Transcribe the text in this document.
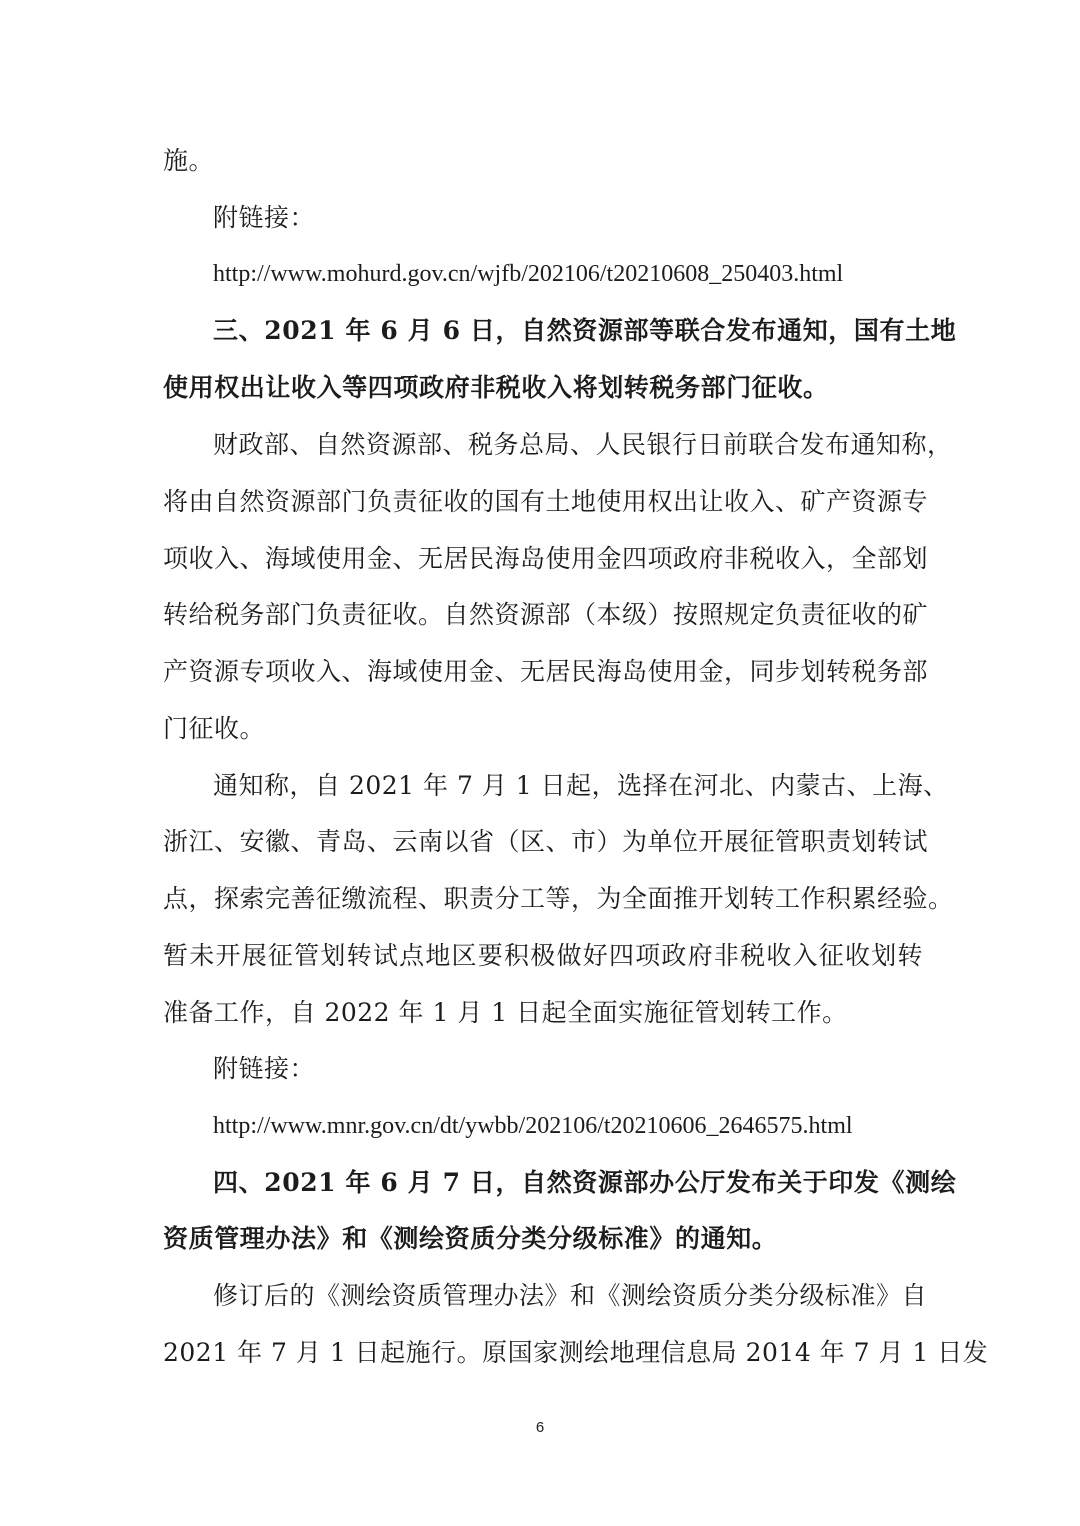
施。
附链接：
http://www.mohurd.gov.cn/wjfb/202106/t20210608_250403.html
三、2021 年 6 月 6 日，自然资源部等联合发布通知，国有土地
使用权出让收入等四项政府非税收入将划转税务部门征收。
财政部、自然资源部、税务总局、人民银行日前联合发布通知称，
将由自然资源部门负责征收的国有土地使用权出让收入、矿产资源专
项收入、海域使用金、无居民海岛使用金四项政府非税收入，全部划
转给税务部门负责征收。自然资源部（本级）按照规定负责征收的矿
产资源专项收入、海域使用金、无居民海岛使用金，同步划转税务部
门征收。
通知称，自 2021 年 7 月 1 日起，选择在河北、内蒙古、上海、
浙江、安徽、青岛、云南以省（区、市）为单位开展征管职责划转试
点，探索完善征缴流程、职责分工等，为全面推开划转工作积累经验。
暂未开展征管划转试点地区要积极做好四项政府非税收入征收划转
准备工作，自 2022 年 1 月 1 日起全面实施征管划转工作。
附链接：
http://www.mnr.gov.cn/dt/ywbb/202106/t20210606_2646575.html
四、2021 年 6 月 7 日，自然资源部办公厅发布关于印发《测绘
资质管理办法》和《测绘资质分类分级标准》的通知。
修订后的《测绘资质管理办法》和《测绘资质分类分级标准》自
2021 年 7 月 1 日起施行。原国家测绘地理信息局 2014 年 7 月 1 日发
6
